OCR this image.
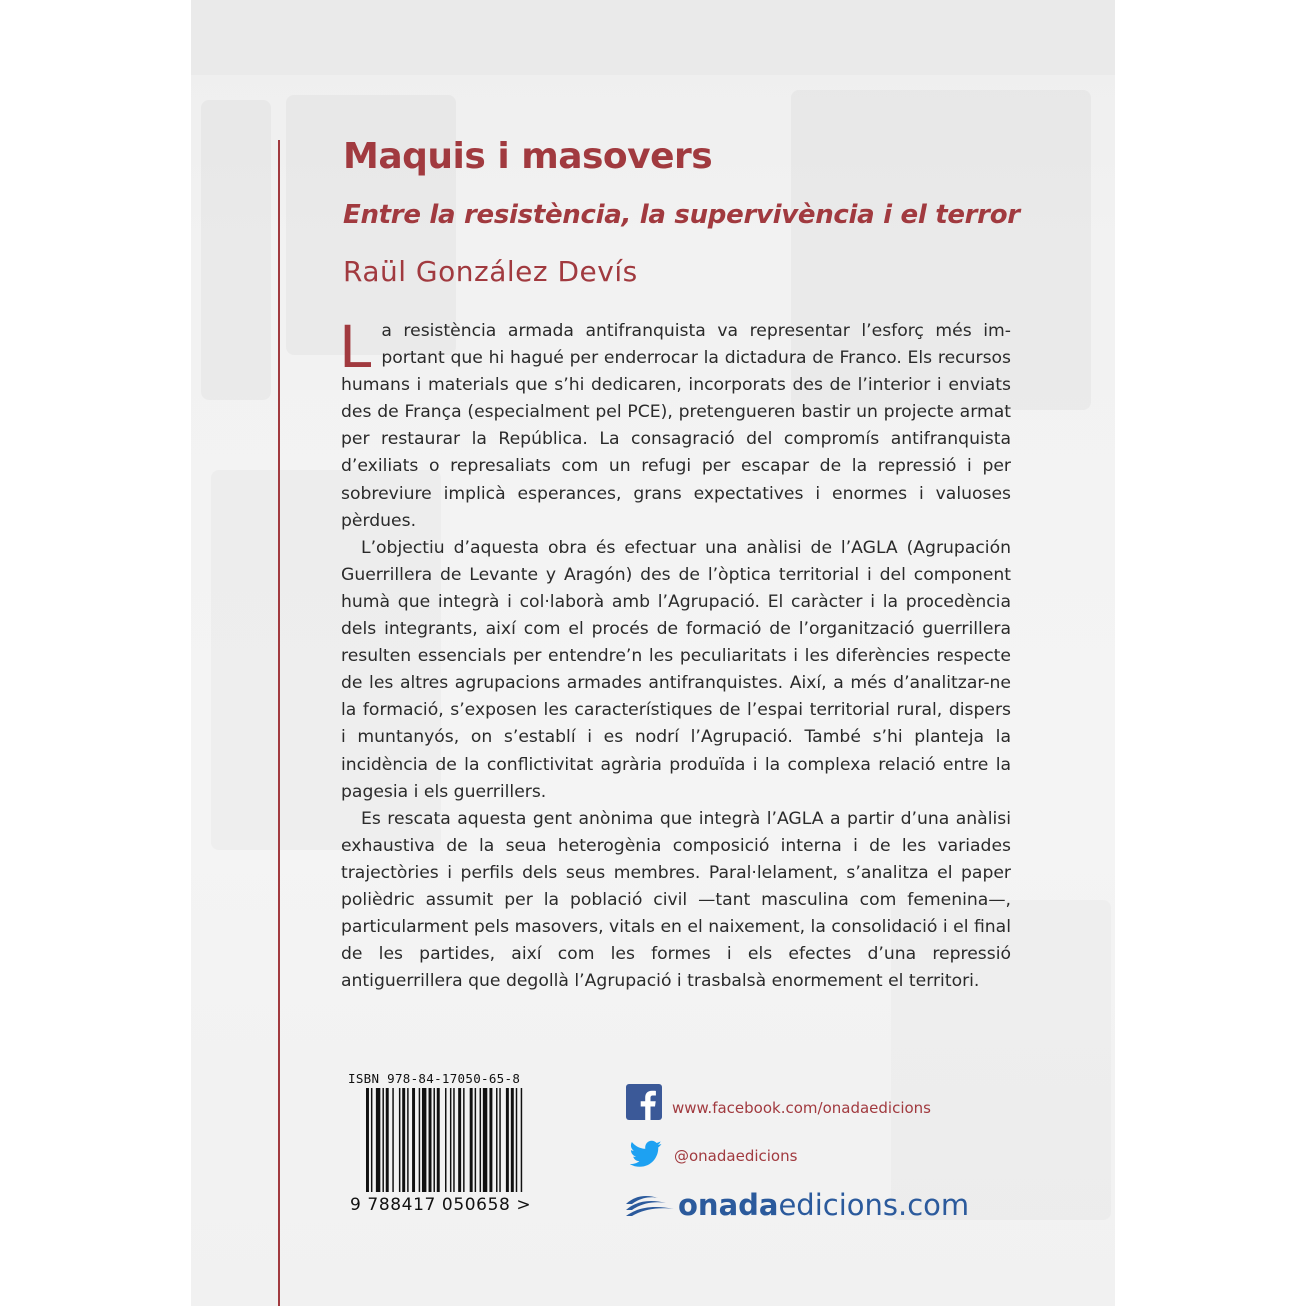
Maquis i masovers
Entre la resistència, la supervivència i el terror
Raül González Devís

La resistència armada antifranquista va representar l’esforç més important que hi hagué per enderrocar la dictadura de Franco. Els recursos humans i materials que s’hi dedicaren, incorporats des de l’interior i enviats des de França (especialment pel PCE), pretengueren bastir un projecte armat per restaurar la República. La consagració del compromís antifranquista d’exiliats o represaliats com un refugi per escapar de la repressió i per sobreviure implicà esperances, grans expectatives i enormes i valuoses pèrdues.

L’objectiu d’aquesta obra és efectuar una anàlisi de l’AGLA (Agrupación Guerrillera de Levante y Aragón) des de l’òptica territorial i del component humà que integrà i col·laborà amb l’Agrupació. El caràcter i la procedència dels integrants, així com el procés de formació de l’organització guerrillera resulten essencials per entendre’n les peculiaritats i les diferències respecte de les altres agrupacions armades antifranquistes. Així, a més d’analitzar-ne la formació, s’exposen les característiques de l’espai territorial rural, dispers i muntanyós, on s’establí i es nodrí l’Agrupació. També s’hi planteja la incidència de la conflictivitat agrària produïda i la complexa relació entre la pagesia i els guerrillers.

Es rescata aquesta gent anònima que integrà l’AGLA a partir d’una anàlisi exhaustiva de la seua heterogènia composició interna i de les variades trajectòries i perfils dels seus membres. Paral·lelament, s’analitza el paper polièdric assumit per la població civil —tant masculina com femenina—, particularment pels masovers, vitals en el naixement, la consolidació i el final de les partides, així com les formes i els efectes d’una repressió antiguerrillera que degollà l’Agrupació i trasbalsà enormement el territori.

ISBN 978-84-17050-65-8
9 788417 050658 >
www.facebook.com/onadaedicions
@onadaedicions
onada edicions.com
